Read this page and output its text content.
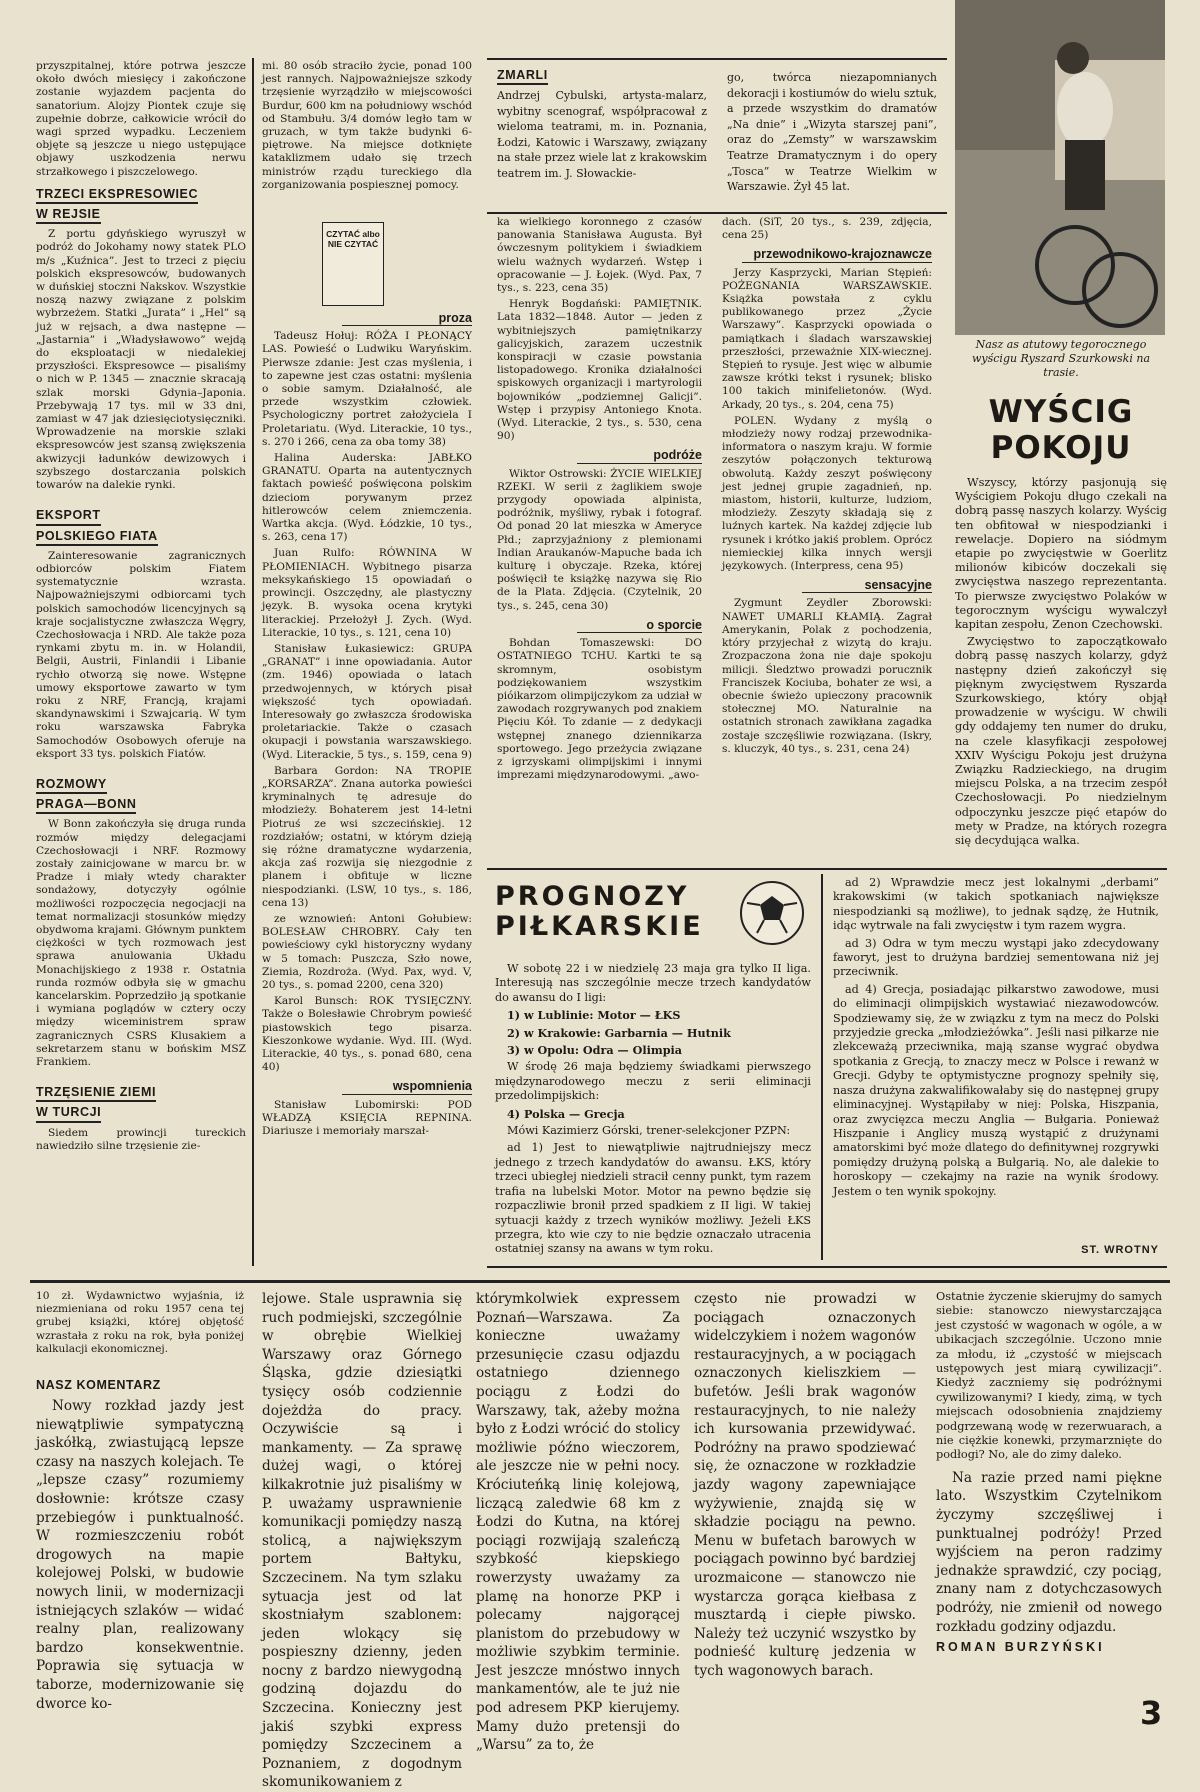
przyszpitalnej, które potrwa jeszcze około dwóch miesięcy i zakończone zostanie wyjazdem pacjenta do sanatorium. Alojzy Piontek czuje się zupełnie dobrze, całkowicie wrócił do wagi sprzed wypadku. Leczeniem objęte są jeszcze u niego ustępujące objawy uszkodzenia nerwu strzałkowego i piszczelowego.

TRZECI EKSPRESOWIEC
W REJSIE

Z portu gdyńskiego wyruszył w podróż do Jokohamy nowy statek PLO m/s „Kuźnica”. Jest to trzeci z pięciu polskich ekspresowców, budowanych w duńskiej stoczni Nakskov. Wszystkie noszą nazwy związane z polskim wybrzeżem. Statki „Jurata” i „Hel” są już w rejsach, a dwa następne — „Jastarnia” i „Władysławowo” wejdą do eksploatacji w niedalekiej przyszłości. Ekspresowce — pisaliśmy o nich w P. 1345 — znacznie skracają szlak morski Gdynia–Japonia. Przebywają 17 tys. mil w 33 dni, zamiast w 47 jak dziesięciotysięczniki. Wprowadzenie na morskie szlaki ekspresowców jest szansą zwiększenia akwizycji ładunków dewizowych i szybszego dostarczania polskich towarów na dalekie rynki.

EKSPORT
POLSKIEGO FIATA

Zainteresowanie zagranicznych odbiorców polskim Fiatem systematycznie wzrasta. Najpoważniejszymi odbiorcami tych polskich samochodów licencyjnych są kraje socjalistyczne zwłaszcza Węgry, Czechosłowacja i NRD. Ale także poza rynkami zbytu m. in. w Holandii, Belgii, Austrii, Finlandii i Libanie rychło otworzą się nowe. Wstępne umowy eksportowe zawarto w tym roku z NRF, Francją, krajami skandynawskimi i Szwajcarią. W tym roku warszawska Fabryka Samochodów Osobowych oferuje na eksport 33 tys. polskich Fiatów.

ROZMOWY
PRAGA—BONN

W Bonn zakończyła się druga runda rozmów między delegacjami Czechosłowacji i NRF. Rozmowy zostały zainicjowane w marcu br. w Pradze i miały wtedy charakter sondażowy, dotyczyły ogólnie możliwości rozpoczęcia negocjacji na temat normalizacji stosunków między obydwoma krajami. Głównym punktem ciężkości w tych rozmowach jest sprawa anulowania Układu Monachijskiego z 1938 r. Ostatnia runda rozmów odbyła się w gmachu kancelarskim. Poprzedziło ją spotkanie i wymiana poglądów w cztery oczy między wiceministrem spraw zagranicznych CSRS Klusakiem a sekretarzem stanu w bońskim MSZ Frankiem.

TRZĘSIENIE ZIEMI
W TURCJI

Siedem prowincji tureckich nawiedziło silne trzęsienie zie-

mi. 80 osób straciło życie, ponad 100 jest rannych. Najpoważniejsze szkody trzęsienie wyrządziło w miejscowości Burdur, 600 km na południowy wschód od Stambułu. 3/4 domów legło tam w gruzach, w tym także budynki 6-piętrowe. Na miejsce dotknięte kataklizmem udało się trzech ministrów rządu tureckiego dla zorganizowania pospiesznej pomocy.

CZYTAĆ albo NIE CZYTAĆ
proza

Tadeusz Hołuj: RÓŻA I PŁONĄCY LAS. Powieść o Ludwiku Waryńskim. Pierwsze zdanie: Jest czas myślenia, i to zapewne jest czas ostatni: myślenia o sobie samym. Działalność, ale przede wszystkim człowiek. Psychologiczny portret założyciela I Proletariatu. (Wyd. Literackie, 10 tys., s. 270 i 266, cena za oba tomy 38)

Halina Auderska: JABŁKO GRANATU. Oparta na autentycznych faktach powieść poświęcona polskim dzieciom porywanym przez hitlerowców celem zniemczenia. Wartka akcja. (Wyd. Łódzkie, 10 tys., s. 263, cena 17)

Juan Rulfo: RÓWNINA W PŁOMIENIACH. Wybitnego pisarza meksykańskiego 15 opowiadań o prowincji. Oszczędny, ale plastyczny język. B. wysoka ocena krytyki literackiej. Przełożył J. Zych. (Wyd. Literackie, 10 tys., s. 121, cena 10)

Stanisław Łukasiewicz: GRUPA „GRANAT” i inne opowiadania. Autor (zm. 1946) opowiada o latach przedwojennych, w których pisał większość tych opowiadań. Interesowały go zwłaszcza środowiska proletariackie. Także o czasach okupacji i powstania warszawskiego. (Wyd. Literackie, 5 tys., s. 159, cena 9)

Barbara Gordon: NA TROPIE „KORSARZA”. Znana autorka powieści kryminalnych tę adresuje do młodzieży. Bohaterem jest 14-letni Piotruś ze wsi szczecińskiej. 12 rozdziałów; ostatni, w którym dzieją się różne dramatyczne wydarzenia, akcja zaś rozwija się niezgodnie z planem i obfituje w liczne niespodzianki. (LSW, 10 tys., s. 186, cena 13)

ze wznowień: Antoni Gołubiew: BOLESŁAW CHROBRY. Cały ten powieściowy cykl historyczny wydany w 5 tomach: Puszcza, Szło nowe, Ziemia, Rozdroża. (Wyd. Pax, wyd. V, 20 tys., s. pomad 2200, cena 320)

Karol Bunsch: ROK TYSIĘCZNY. Także o Bolesławie Chrobrym powieść piastowskich tego pisarza. Kieszonkowe wydanie. Wyd. III. (Wyd. Literackie, 40 tys., s. ponad 680, cena 40)

wspomnienia

Stanisław Lubomirski: POD WŁADZĄ KSIĘCIA REPNINA. Diariusze i memoriały marszał-

ZMARLI
Andrzej Cybulski, artysta-malarz, wybitny scenograf, współpracował z wieloma teatrami, m. in. Poznania, Łodzi, Katowic i Warszawy, związany na stałe przez wiele lat z krakowskim teatrem im. J. Słowackie-
go, twórca niezapomnianych dekoracji i kostiumów do wielu sztuk, a przede wszystkim do dramatów „Na dnie” i „Wizyta starszej pani”, oraz do „Zemsty” w warszawskim Teatrze Dramatycznym i do opery „Tosca” w Teatrze Wielkim w Warszawie. Żył 45 lat.

ka wielkiego koronnego z czasów panowania Stanisława Augusta. Był ówczesnym politykiem i świadkiem wielu ważnych wydarzeń. Wstęp i opracowanie — J. Łojek. (Wyd. Pax, 7 tys., s. 223, cena 35)

Henryk Bogdański: PAMIĘTNIK. Lata 1832—1848. Autor — jeden z wybitniejszych pamiętnikarzy galicyjskich, zarazem uczestnik konspiracji w czasie powstania listopadowego. Kronika działalności spiskowych organizacji i martyrologii bojowników „podziemnej Galicji”. Wstęp i przypisy Antoniego Knota. (Wyd. Literackie, 2 tys., s. 530, cena 90)

podróże

Wiktor Ostrowski: ŻYCIE WIELKIEJ RZEKI. W serii z żaglikiem swoje przygody opowiada alpinista, podróżnik, myśliwy, rybak i fotograf. Od ponad 20 lat mieszka w Ameryce Płd.; zaprzyjaźniony z plemionami Indian Araukanów-Mapuche bada ich kulturę i obyczaje. Rzeka, której poświęcił te książkę nazywa się Rio de la Plata. Zdjęcia. (Czytelnik, 20 tys., s. 245, cena 30)

o sporcie

Bohdan Tomaszewski: DO OSTATNIEGO TCHU. Kartki te są skromnym, osobistym podziękowaniem wszystkim pióikarzom olimpijczykom za udział w zawodach rozgrywanych pod znakiem Pięciu Kół. To zdanie — z dedykacji wstępnej znanego dziennikarza sportowego. Jego przeżycia związane z igrzyskami olimpijskimi i innymi imprezami międzynarodowymi. „awo-

dach. (SiT, 20 tys., s. 239, zdjęcia, cena 25)

przewodnikowo-krajoznawcze

Jerzy Kasprzycki, Marian Stępień: POŻEGNANIA WARSZAWSKIE. Książka powstała z cyklu publikowanego przez „Życie Warszawy”. Kasprzycki opowiada o pamiątkach i śladach warszawskiej przeszłości, przeważnie XIX-wiecznej. Stępień to rysuje. Jest więc w albumie zawsze krótki tekst i rysunek; blisko 100 takich minifelietonów. (Wyd. Arkady, 20 tys., s. 204, cena 75)

POLEN. Wydany z myślą o młodzieży nowy rodzaj przewodnika-informatora o naszym kraju. W formie zeszytów połączonych tekturową obwolutą. Każdy zeszyt poświęcony jest jednej grupie zagadnień, np. miastom, historii, kulturze, ludziom, młodzieży. Zeszyty składają się z luźnych kartek. Na każdej zdjęcie lub rysunek i krótko jakiś problem. Oprócz niemieckiej kilka innych wersji językowych. (Interpress, cena 95)

sensacyjne

Zygmunt Zeydler Zborowski: NAWET UMARLI KŁAMIĄ. Zagrał Amerykanin, Polak z pochodzenia, który przyjechał z wizytą do kraju. Zrozpaczona żona nie daje spokoju milicji. Śledztwo prowadzi porucznik Franciszek Kociuba, bohater ze wsi, a obecnie świeżo upieczony pracownik stołecznej MO. Naturalnie na ostatnich stronach zawikłana zagadka zostaje szczęśliwie rozwiązana. (Iskry, s. kluczyk, 40 tys., s. 231, cena 24)

Nasz as atutowy tegorocznego wyścigu Ryszard Szurkowski na trasie.
WYŚCIG POKOJU

Wszyscy, którzy pasjonują się Wyścigiem Pokoju długo czekali na dobrą passę naszych kolarzy. Wyścig ten obfitował w niespodzianki i rewelacje. Dopiero na siódmym etapie po zwycięstwie w Goerlitz milionów kibiców doczekali się zwycięstwa naszego reprezentanta. To pierwsze zwycięstwo Polaków w tegorocznym wyścigu wywalczył kapitan zespołu, Zenon Czechowski.

Zwycięstwo to zapoczątkowało dobrą passę naszych kolarzy, gdyż następny dzień zakończył się pięknym zwycięstwem Ryszarda Szurkowskiego, który objął prowadzenie w wyścigu. W chwili gdy oddajemy ten numer do druku, na czele klasyfikacji zespołowej XXIV Wyścigu Pokoju jest drużyna Związku Radzieckiego, na drugim miejscu Polska, a na trzecim zespół Czechosłowacji. Po niedzielnym odpoczynku jeszcze pięć etapów do mety w Pradze, na których rozegra się decydująca walka.

PROGNOZY
PIŁKARSKIE

W sobotę 22 i w niedzielę 23 maja gra tylko II liga. Interesują nas szczególnie mecze trzech kandydatów do awansu do I ligi:

1) w Lublinie: Motor — ŁKS

2) w Krakowie: Garbarnia — Hutnik

3) w Opolu: Odra — Olimpia

W środę 26 maja będziemy świadkami pierwszego międzynarodowego meczu z serii eliminacji przedolimpijskich:

4) Polska — Grecja

Mówi Kazimierz Górski, trener-selekcjoner PZPN:

ad 1) Jest to niewątpliwie najtrudniejszy mecz jednego z trzech kandydatów do awansu. ŁKS, który trzeci ubiegłej niedzieli stracił cenny punkt, tym razem trafia na lubelski Motor. Motor na pewno będzie się rozpaczliwie bronił przed spadkiem z II ligi. W takiej sytuacji każdy z trzech wyników możliwy. Jeżeli ŁKS przegra, kto wie czy to nie będzie oznaczało utracenia ostatniej szansy na awans w tym roku.

ad 2) Wprawdzie mecz jest lokalnymi „derbami” krakowskimi (w takich spotkaniach największe niespodzianki są możliwe), to jednak sądzę, że Hutnik, idąc wytrwale na fali zwycięstw i tym razem wygra.

ad 3) Odra w tym meczu wystąpi jako zdecydowany faworyt, jest to drużyna bardziej sementowana niż jej przeciwnik.

ad 4) Grecja, posiadając piłkarstwo zawodowe, musi do eliminacji olimpijskich wystawiać niezawodowców. Spodziewamy się, że w związku z tym na mecz do Polski przyjedzie grecka „młodzieżówka”. Jeśli nasi piłkarze nie zlekceważą przeciwnika, mają szanse wygrać obydwa spotkania z Grecją, to znaczy mecz w Polsce i rewanż w Grecji. Gdyby te optymistyczne prognozy spełniły się, nasza drużyna zakwalifikowałaby się do następnej grupy eliminacyjnej. Wystąpiłaby w niej: Polska, Hiszpania, oraz zwycięzca meczu Anglia — Bułgaria. Ponieważ Hiszpanie i Anglicy muszą wystąpić z drużynami amatorskimi być może dlatego do definitywnej rozgrywki pomiędzy drużyną polską a Bułgarią. No, ale dalekie to horoskopy — czekajmy na razie na wynik środowy. Jestem o ten wynik spokojny.

ST. WROTNY
10 zł. Wydawnictwo wyjaśnia, iż niezmieniana od roku 1957 cena tej grubej książki, której objętość wzrastała z roku na rok, była poniżej kalkulacji ekonomicznej.
NASZ KOMENTARZ

Nowy rozkład jazdy jest niewątpliwie sympatyczną jaskółką, zwiastującą lepsze czasy na naszych kolejach. Te „lepsze czasy” rozumiemy dosłownie: krótsze czasy przebiegów i punktualność. W rozmieszczeniu robót drogowych na mapie kolejowej Polski, w budowie nowych linii, w modernizacji istniejących szlaków — widać realny plan, realizowany bardzo konsekwentnie. Poprawia się sytuacja w taborze, modernizowanie się dworce ko-

lejowe. Stale usprawnia się ruch podmiejski, szczególnie w obrębie Wielkiej Warszawy oraz Górnego Śląska, gdzie dziesiątki tysięcy osób codziennie dojeżdża do pracy. Oczywiście są i mankamenty. — Za sprawę dużej wagi, o której kilkakrotnie już pisaliśmy w P. uważamy usprawnienie komunikacji pomiędzy naszą stolicą, a największym portem Bałtyku, Szczecinem. Na tym szlaku sytuacja jest od lat skostniałym szablonem: jeden wlokący się pospieszny dzienny, jeden nocny z bardzo niewygodną godziną dojazdu do Szczecina. Konieczny jest jakiś szybki express pomiędzy Szczecinem a Poznaniem, z dogodnym skomunikowaniem z

którymkolwiek expressem Poznań—Warszawa. Za konieczne uważamy przesunięcie czasu odjazdu ostatniego dziennego pociągu z Łodzi do Warszawy, tak, ażeby można było z Łodzi wrócić do stolicy możliwie późno wieczorem, ale jeszcze nie w pełni nocy. Króciuteńką linię kolejową, liczącą zaledwie 68 km z Łodzi do Kutna, na której pociągi rozwijają szaleńczą szybkość kiepskiego rowerzysty uważamy za plamę na honorze PKP i polecamy najgorącej planistom do przebudowy w możliwie szybkim terminie. Jest jeszcze mnóstwo innych mankamentów, ale te już nie pod adresem PKP kierujemy. Mamy dużo pretensji do „Warsu” za to, że

często nie prowadzi w pociągach oznaczonych widelczykiem i nożem wagonów restauracyjnych, a w pociągach oznaczonych kieliszkiem — bufetów. Jeśli brak wagonów restauracyjnych, to nie należy ich kursowania przewidywać. Podróżny na prawo spodziewać się, że oznaczone w rozkładzie jazdy wagony zapewniające wyżywienie, znajdą się w składzie pociągu na pewno. Menu w bufetach barowych w pociągach powinno być bardziej urozmaicone — stanowczo nie wystarcza gorąca kiełbasa z musztardą i ciepłe piwsko. Należy też uczynić wszystko by podnieść kulturę jedzenia w tych wagonowych barach.

Ostatnie życzenie skierujmy do samych siebie: stanowczo niewystarczająca jest czystość w wagonach w ogóle, a w ubikacjach szczególnie. Uczono mnie za młodu, iż „czystość w miejscach ustępowych jest miarą cywilizacji”. Kiedyż zaczniemy się podróżnymi cywilizowanymi? I kiedy, zimą, w tych miejscach odosobnienia znajdziemy podgrzewaną wodę w rezerwuarach, a nie ciężkie konewki, przymarznięte do podłogi? No, ale do zimy daleko.

Na razie przed nami piękne lato. Wszystkim Czytelnikom życzymy szczęśliwej i punktualnej podróży! Przed wyjściem na peron radzimy jednakże sprawdzić, czy pociąg, znany nam z dotychczasowych podróży, nie zmienił od nowego rozkładu godziny odjazdu.

ROMAN BURZYŃSKI
3
